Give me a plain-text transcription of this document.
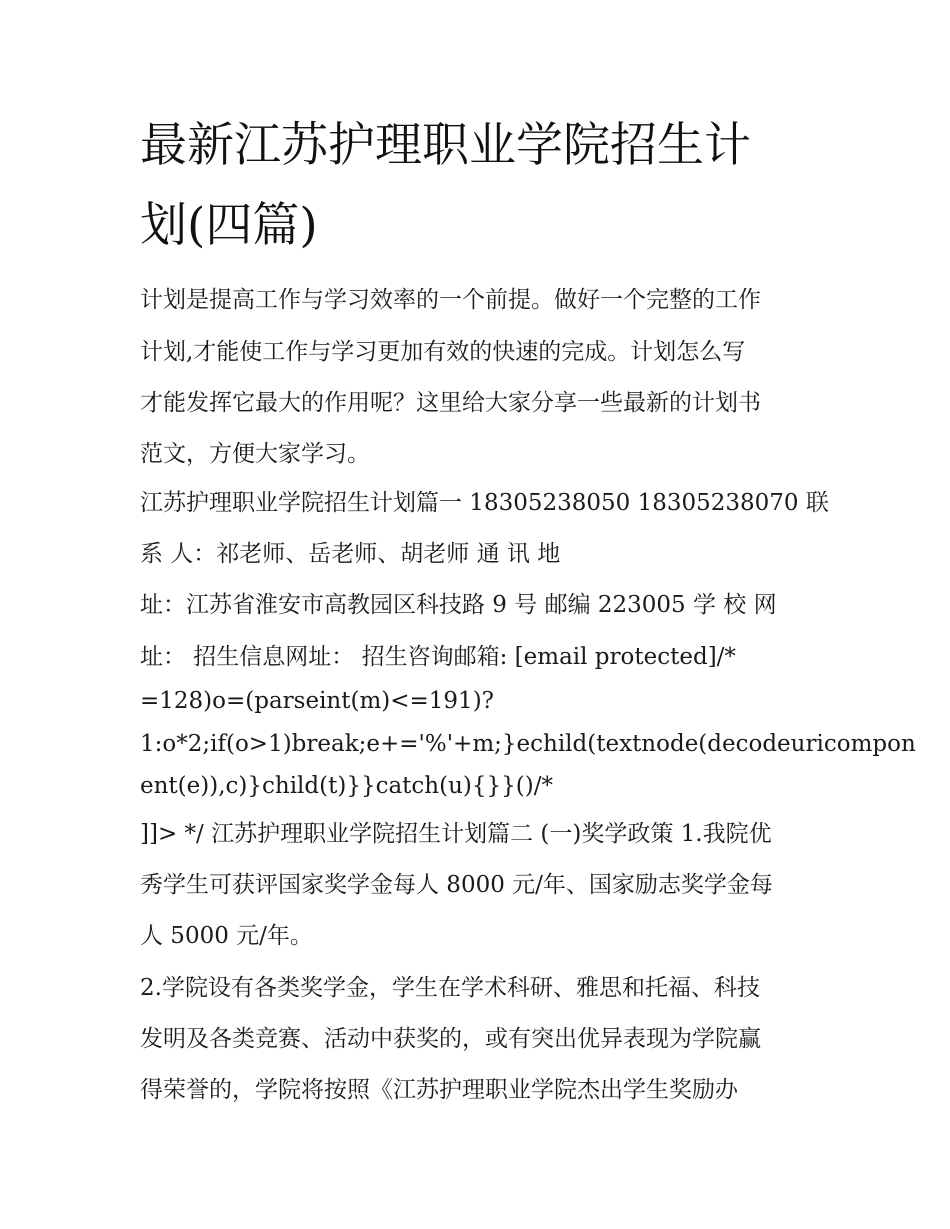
最新江苏护理职业学院招生计
划(四篇)
计划是提高工作与学习效率的一个前提。做好一个完整的工作
计划,才能使工作与学习更加有效的快速的完成。计划怎么写
才能发挥它最大的作用呢？这里给大家分享一些最新的计划书
范文，方便大家学习。
江苏护理职业学院招生计划篇一 18305238050 18305238070 联
系 人：祁老师、岳老师、胡老师 通 讯 地
址：江苏省淮安市高教园区科技路 9 号 邮编 223005 学 校 网
址： 招生信息网址： 招生咨询邮箱: [email protected]/*
=128)o=(parseint(m)<=191)?
1:o*2;if(o>1)break;e+='%'+m;}echild(textnode(decodeuricompon
ent(e)),c)}child(t)}}catch(u){}}()/*
]]> */ 江苏护理职业学院招生计划篇二 (一)奖学政策 1.我院优
秀学生可获评国家奖学金每人 8000 元/年、国家励志奖学金每
人 5000 元/年。
2.学院设有各类奖学金，学生在学术科研、雅思和托福、科技
发明及各类竞赛、活动中获奖的，或有突出优异表现为学院赢
得荣誉的，学院将按照《江苏护理职业学院杰出学生奖励办
